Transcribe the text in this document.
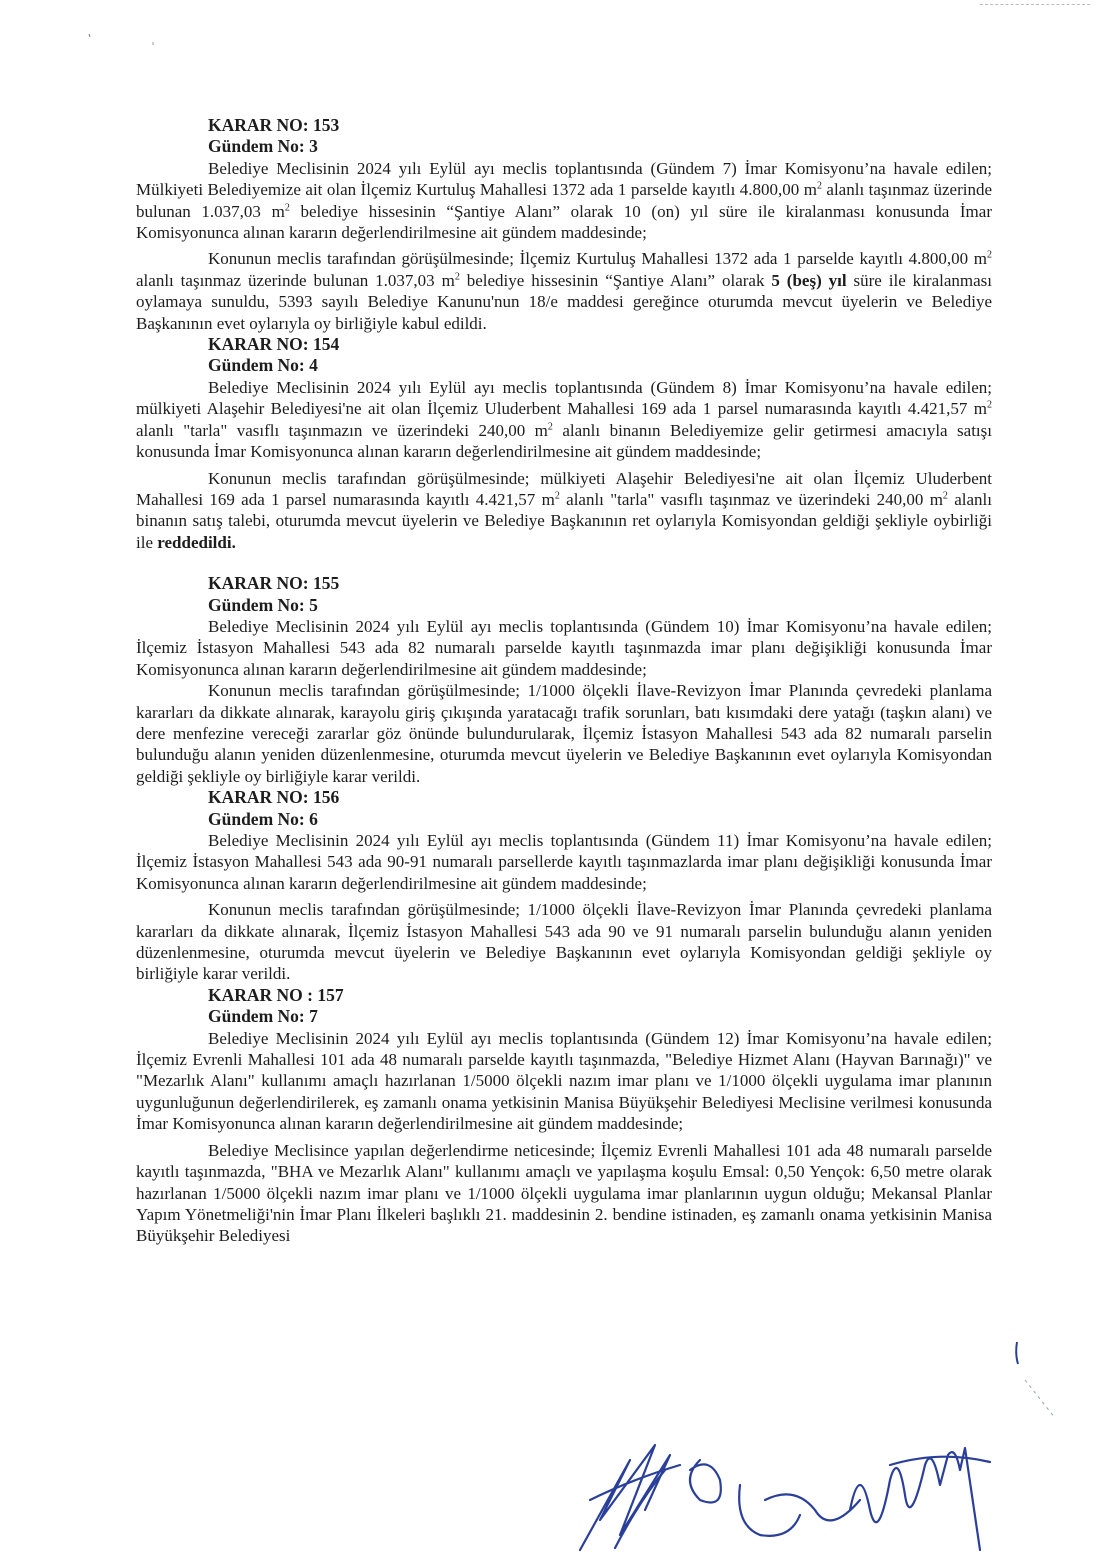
KARAR NO: 153
Gündem No: 3

Belediye Meclisinin 2024 yılı Eylül ayı meclis toplantısında (Gündem 7) İmar Komisyonu’na havale edilen; Mülkiyeti Belediyemize ait olan İlçemiz Kurtuluş Mahallesi 1372 ada 1 parselde kayıtlı 4.800,00 $m^2$ alanlı taşınmaz üzerinde bulunan 1.037,03 $m^2$ belediye hissesinin “Şantiye Alanı” olarak 10 (on) yıl süre ile kiralanması konusunda İmar Komisyonunca alınan kararın değerlendirilmesine ait gündem maddesinde;

Konunun meclis tarafından görüşülmesinde; İlçemiz Kurtuluş Mahallesi 1372 ada 1 parselde kayıtlı 4.800,00 $m^2$ alanlı taşınmaz üzerinde bulunan 1.037,03 $m^2$ belediye hissesinin “Şantiye Alanı” olarak 5 (beş) yıl süre ile kiralanması oylamaya sunuldu, 5393 sayılı Belediye Kanunu'nun 18/e maddesi gereğince oturumda mevcut üyelerin ve Belediye Başkanının evet oylarıyla oy birliğiyle kabul edildi.

KARAR NO: 154
Gündem No: 4

Belediye Meclisinin 2024 yılı Eylül ayı meclis toplantısında (Gündem 8) İmar Komisyonu’na havale edilen; mülkiyeti Alaşehir Belediyesi'ne ait olan İlçemiz Uluderbent Mahallesi 169 ada 1 parsel numarasında kayıtlı 4.421,57 $m^2$ alanlı "tarla" vasıflı taşınmazın ve üzerindeki 240,00 $m^2$ alanlı binanın Belediyemize gelir getirmesi amacıyla satışı konusunda İmar Komisyonunca alınan kararın değerlendirilmesine ait gündem maddesinde;

Konunun meclis tarafından görüşülmesinde; mülkiyeti Alaşehir Belediyesi'ne ait olan İlçemiz Uluderbent Mahallesi 169 ada 1 parsel numarasında kayıtlı 4.421,57 $m^2$ alanlı "tarla" vasıflı taşınmaz ve üzerindeki 240,00 $m^2$ alanlı binanın satış talebi, oturumda mevcut üyelerin ve Belediye Başkanının ret oylarıyla Komisyondan geldiği şekliyle oybirliği ile reddedildi.

KARAR NO: 155
Gündem No: 5

Belediye Meclisinin 2024 yılı Eylül ayı meclis toplantısında (Gündem 10) İmar Komisyonu’na havale edilen; İlçemiz İstasyon Mahallesi 543 ada 82 numaralı parselde kayıtlı taşınmazda imar planı değişikliği konusunda İmar Komisyonunca alınan kararın değerlendirilmesine ait gündem maddesinde;

Konunun meclis tarafından görüşülmesinde; 1/1000 ölçekli İlave-Revizyon İmar Planında çevredeki planlama kararları da dikkate alınarak, karayolu giriş çıkışında yaratacağı trafik sorunları, batı kısımdaki dere yatağı (taşkın alanı) ve dere menfezine vereceği zararlar göz önünde bulundurularak, İlçemiz İstasyon Mahallesi 543 ada 82 numaralı parselin bulunduğu alanın yeniden düzenlenmesine, oturumda mevcut üyelerin ve Belediye Başkanının evet oylarıyla Komisyondan geldiği şekliyle oy birliğiyle karar verildi.

KARAR NO: 156
Gündem No: 6

Belediye Meclisinin 2024 yılı Eylül ayı meclis toplantısında (Gündem 11) İmar Komisyonu’na havale edilen; İlçemiz İstasyon Mahallesi 543 ada 90-91 numaralı parsellerde kayıtlı taşınmazlarda imar planı değişikliği konusunda İmar Komisyonunca alınan kararın değerlendirilmesine ait gündem maddesinde;

Konunun meclis tarafından görüşülmesinde; 1/1000 ölçekli İlave-Revizyon İmar Planında çevredeki planlama kararları da dikkate alınarak, İlçemiz İstasyon Mahallesi 543 ada 90 ve 91 numaralı parselin bulunduğu alanın yeniden düzenlenmesine, oturumda mevcut üyelerin ve Belediye Başkanının evet oylarıyla Komisyondan geldiği şekliyle oy birliğiyle karar verildi.

KARAR NO : 157
Gündem No: 7

Belediye Meclisinin 2024 yılı Eylül ayı meclis toplantısında (Gündem 12) İmar Komisyonu’na havale edilen; İlçemiz Evrenli Mahallesi 101 ada 48 numaralı parselde kayıtlı taşınmazda, "Belediye Hizmet Alanı (Hayvan Barınağı)" ve "Mezarlık Alanı" kullanımı amaçlı hazırlanan 1/5000 ölçekli nazım imar planı ve 1/1000 ölçekli uygulama imar planının uygunluğunun değerlendirilerek, eş zamanlı onama yetkisinin Manisa Büyükşehir Belediyesi Meclisine verilmesi konusunda İmar Komisyonunca alınan kararın değerlendirilmesine ait gündem maddesinde;

Belediye Meclisince yapılan değerlendirme neticesinde; İlçemiz Evrenli Mahallesi 101 ada 48 numaralı parselde kayıtlı taşınmazda, "BHA ve Mezarlık Alanı" kullanımı amaçlı ve yapılaşma koşulu Emsal: 0,50 Yençok: 6,50 metre olarak hazırlanan 1/5000 ölçekli nazım imar planı ve 1/1000 ölçekli uygulama imar planlarının uygun olduğu; Mekansal Planlar Yapım Yönetmeliği'nin İmar Planı İlkeleri başlıklı 21. maddesinin 2. bendine istinaden, eş zamanlı onama yetkisinin Manisa Büyükşehir Belediyesi
